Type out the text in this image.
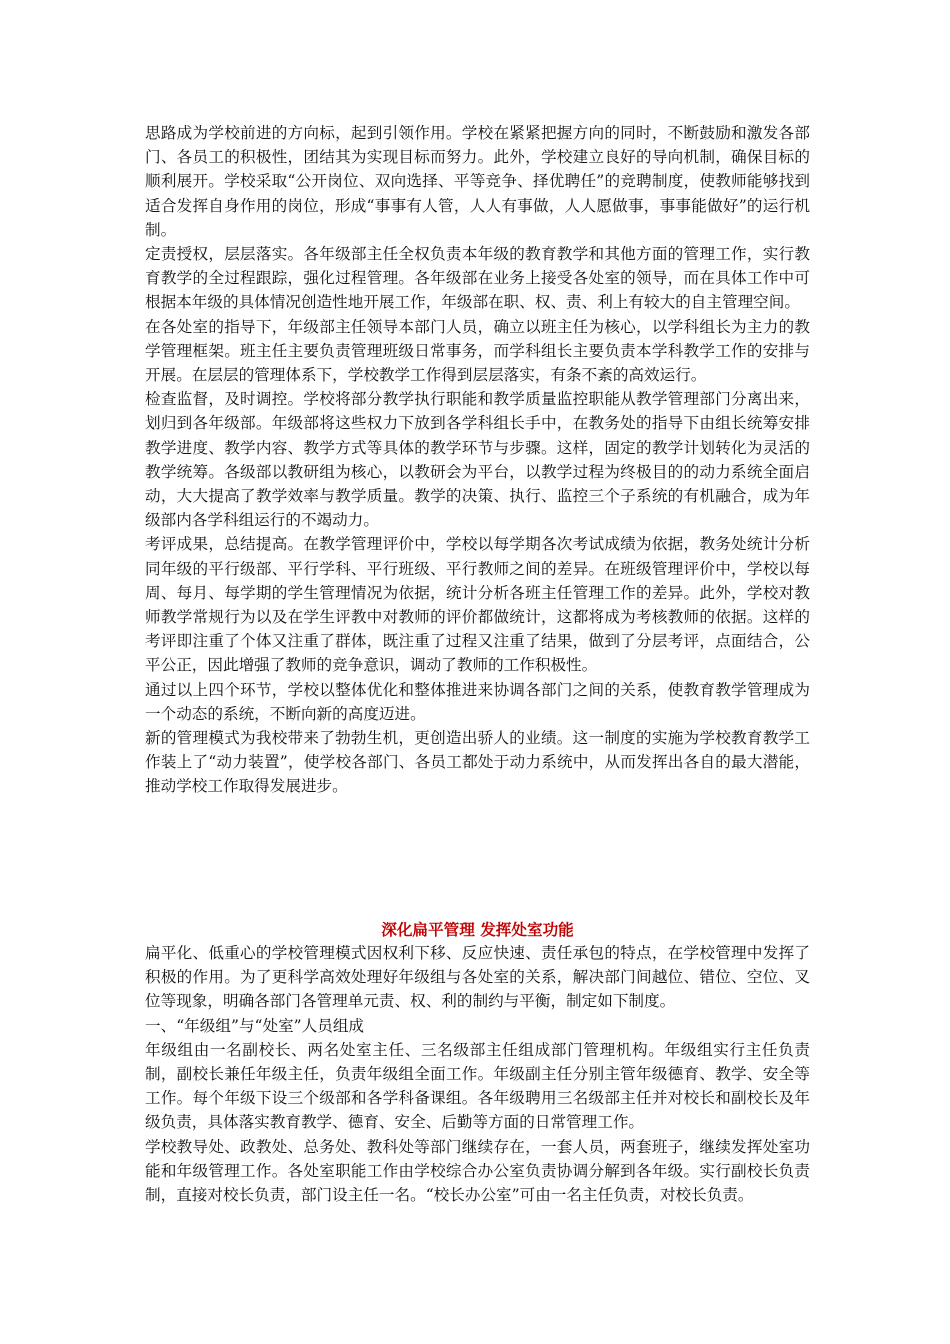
思路成为学校前进的方向标，起到引领作用。学校在紧紧把握方向的同时，不断鼓励和激发各部门、各员工的积极性，团结其为实现目标而努力。此外，学校建立良好的导向机制，确保目标的顺利展开。学校采取“公开岗位、双向选择、平等竞争、择优聘任”的竞聘制度，使教师能够找到适合发挥自身作用的岗位，形成“事事有人管，人人有事做，人人愿做事，事事能做好”的运行机制。

定责授权，层层落实。各年级部主任全权负责本年级的教育教学和其他方面的管理工作，实行教育教学的全过程跟踪，强化过程管理。各年级部在业务上接受各处室的领导，而在具体工作中可根据本年级的具体情况创造性地开展工作，年级部在职、权、责、利上有较大的自主管理空间。

在各处室的指导下，年级部主任领导本部门人员，确立以班主任为核心，以学科组长为主力的教学管理框架。班主任主要负责管理班级日常事务，而学科组长主要负责本学科教学工作的安排与开展。在层层的管理体系下，学校教学工作得到层层落实，有条不紊的高效运行。

检查监督，及时调控。学校将部分教学执行职能和教学质量监控职能从教学管理部门分离出来，划归到各年级部。年级部将这些权力下放到各学科组长手中，在教务处的指导下由组长统筹安排教学进度、教学内容、教学方式等具体的教学环节与步骤。这样，固定的教学计划转化为灵活的教学统筹。各级部以教研组为核心，以教研会为平台，以教学过程为终极目的的动力系统全面启动，大大提高了教学效率与教学质量。教学的决策、执行、监控三个子系统的有机融合，成为年级部内各学科组运行的不竭动力。

考评成果，总结提高。在教学管理评价中，学校以每学期各次考试成绩为依据，教务处统计分析同年级的平行级部、平行学科、平行班级、平行教师之间的差异。在班级管理评价中，学校以每周、每月、每学期的学生管理情况为依据，统计分析各班主任管理工作的差异。此外，学校对教师教学常规行为以及在学生评教中对教师的评价都做统计，这都将成为考核教师的依据。这样的考评即注重了个体又注重了群体，既注重了过程又注重了结果，做到了分层考评，点面结合，公平公正，因此增强了教师的竞争意识，调动了教师的工作积极性。

通过以上四个环节，学校以整体优化和整体推进来协调各部门之间的关系，使教育教学管理成为一个动态的系统，不断向新的高度迈进。

新的管理模式为我校带来了勃勃生机，更创造出骄人的业绩。这一制度的实施为学校教育教学工作装上了“动力装置”，使学校各部门、各员工都处于动力系统中，从而发挥出各自的最大潜能，推动学校工作取得发展进步。

深化扁平管理 发挥处室功能

扁平化、低重心的学校管理模式因权利下移、反应快速、责任承包的特点，在学校管理中发挥了积极的作用。为了更科学高效处理好年级组与各处室的关系，解决部门间越位、错位、空位、叉位等现象，明确各部门各管理单元责、权、利的制约与平衡，制定如下制度。

一、“年级组”与“处室”人员组成

年级组由一名副校长、两名处室主任、三名级部主任组成部门管理机构。年级组实行主任负责制，副校长兼任年级主任，负责年级组全面工作。年级副主任分别主管年级德育、教学、安全等工作。每个年级下设三个级部和各学科备课组。各年级聘用三名级部主任并对校长和副校长及年级负责，具体落实教育教学、德育、安全、后勤等方面的日常管理工作。

学校教导处、政教处、总务处、教科处等部门继续存在，一套人员，两套班子，继续发挥处室功能和年级管理工作。各处室职能工作由学校综合办公室负责协调分解到各年级。实行副校长负责制，直接对校长负责，部门设主任一名。“校长办公室”可由一名主任负责，对校长负责。
